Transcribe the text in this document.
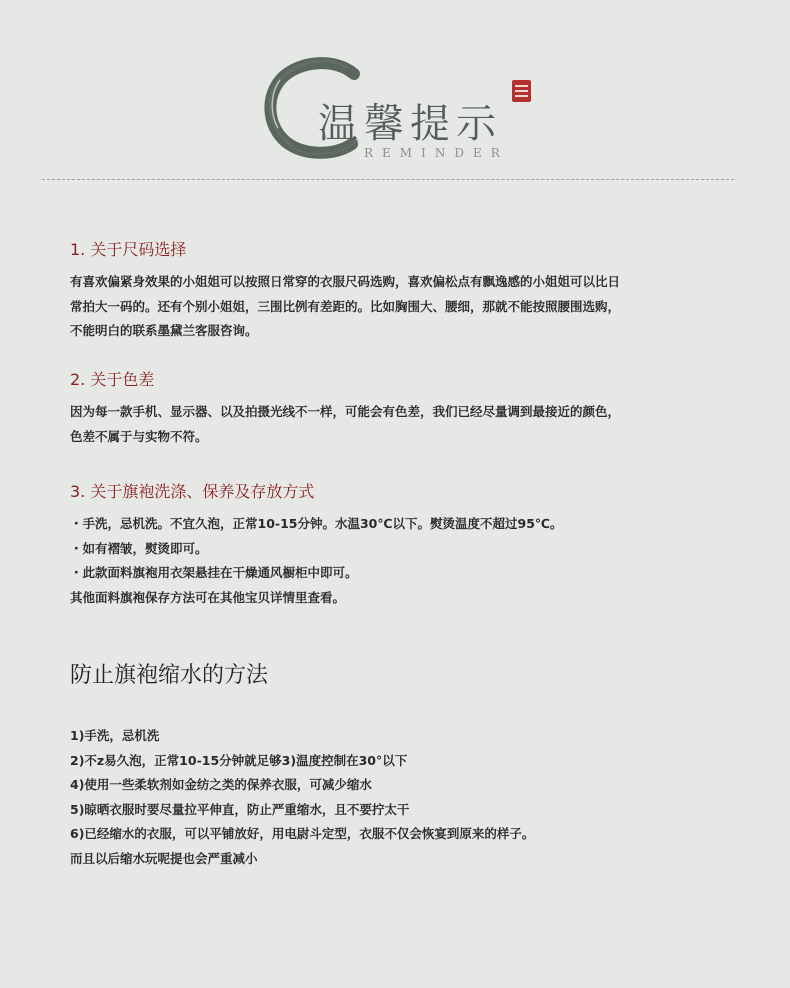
温馨提示
REMINDER
1. 关于尺码选择
有喜欢偏紧身效果的小姐姐可以按照日常穿的衣服尺码选购，喜欢偏松点有飘逸感的小姐姐可以比日
常拍大一码的。还有个别小姐姐，三围比例有差距的。比如胸围大、腰细，那就不能按照腰围选购，
不能明白的联系墨黛兰客服咨询。
2. 关于色差
因为每一款手机、显示器、以及拍摄光线不一样，可能会有色差，我们已经尽量调到最接近的颜色，
色差不属于与实物不符。
3. 关于旗袍洗涤、保养及存放方式
・手洗，忌机洗。不宜久泡，正常10-15分钟。水温30℃以下。熨烫温度不超过95℃。
・如有褶皱，熨烫即可。
・此款面料旗袍用衣架悬挂在干燥通风橱柜中即可。
其他面料旗袍保存方法可在其他宝贝详情里查看。
防止旗袍缩水的方法
1)手洗，忌机洗
2)不z易久泡，正常10-15分钟就足够3)温度控制在30°以下
4)使用一些柔软剂如金纺之类的保养衣服，可减少缩水
5)晾晒衣服时要尽量拉平伸直，防止严重缩水，且不要拧太干
6)已经缩水的衣服，可以平铺放好，用电尉斗定型，衣服不仅会恢宴到原来的样子。
而且以后缩水玩呢提也会严重减小
